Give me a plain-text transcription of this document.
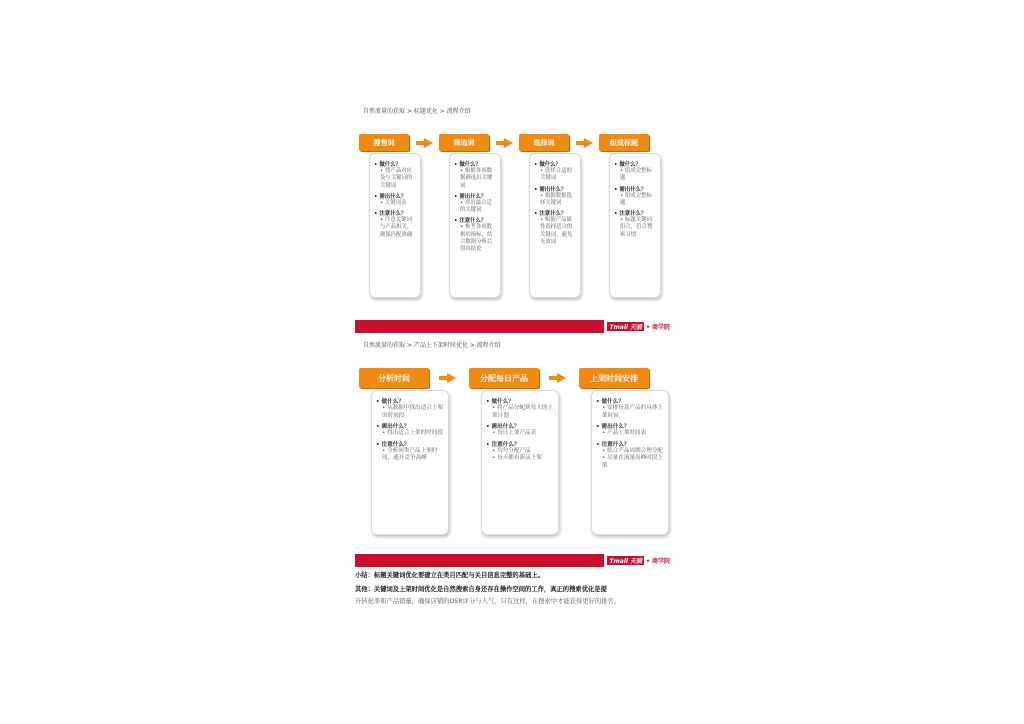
自然流量的获取 > 标题优化 > 流程介绍
Tmall 天猫 • 商学院
自然流量的获取 > 产品上下架时间优化 > 流程介绍
Tmall 天猫 • 商学院
小结：标题关键词优化要建立在类目匹配与关目信息完整的基础上。
其他：关键词及上架时间优化是自然搜索自身还存在操作空间的工作，真正的搜索优化是提
升转化率和产品销量，确保店铺的DSR评分与人气，只有这样，在搜索中才能获得更好的排名。
搜售词
• 做什么？
• 找产品对应及与关键词的关键词
• 需出什么？
• 关键词表
• 注意什么？
• 注意关键词与产品相关，确保匹配准确
筛选词
• 做什么？
• 根据各项数据筛选出关键词
• 需出什么？
• 得出最合适的关键词
• 注意什么？
• 参考各项数据的指标，结合数据分析后得出结论
选择词
• 做什么？
• 选择合适的关键词
• 需出什么？
• 根据数据选择关键词
• 注意什么？
• 根据产品属性选择适合的关键词，避免无效词
组成标题
• 做什么？
• 组成完整标题
• 需出什么？
• 组成完整标题
• 注意什么？
• 标题关键词组合，符合搜索习惯
分析时间
• 做什么？
• 从数据中找出适合上架的时间段
• 需出什么？
• 得出适合上架的时间段
• 注意什么？
• 分析同类产品上架时间，避开竞争高峰
分配每日产品
• 做什么？
• 将产品分配到每天的上架计划
• 需出什么？
• 每日上架产品表
• 注意什么？
• 均匀分配产品
• 每天都有新品上架
上架时间安排
• 做什么？
• 安排每款产品的具体上架时间
• 需出什么？
• 产品上架时间表
• 注意什么？
• 结合产品周期合理分配
• 尽量在流量高峰时段上架
